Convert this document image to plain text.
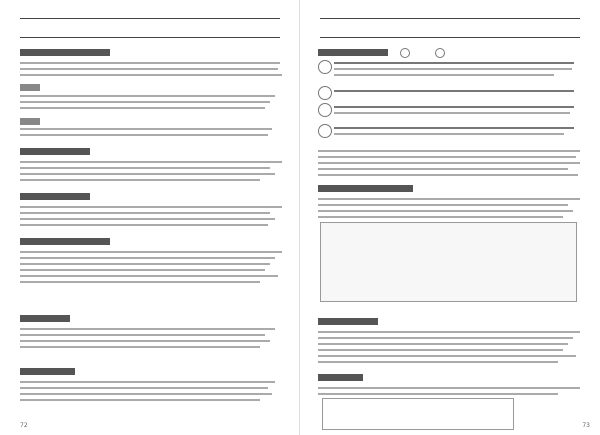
72	73
